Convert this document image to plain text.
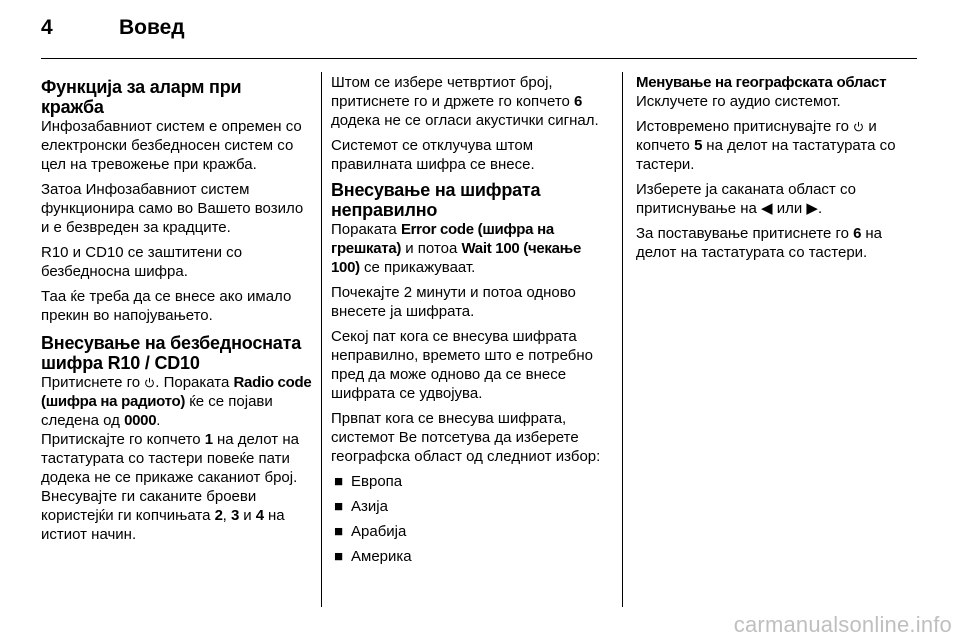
4	Вовед
Функција за аларм при
кражба

Инфозабавниот систем е опремен со електронски безбедносен систем со цел на тревожење при кражба.

Затоа Инфозабавниот систем функционира само во Вашето возило и е безвреден за крадците.

R10 и CD10 се заштитени со безбедносна шифра.

Таа ќе треба да се внесе ако имало прекин во напојувањето.

Внесување на безбедносната
шифра R10 / CD10

Притиснете го . Пораката Radio code (шифра на радиото) ќе се појави следена од 0000.

Притискајте го копчето 1 на делот на тастатурата со тастери повеќе пати додека не се прикаже саканиот број. Внесувајте ги саканите броеви користејќи ги копчињата 2, 3 и 4 на истиот начин.

Штом се избере четвртиот број, притиснете го и држете го копчето 6 додека не се огласи акустички сигнал.

Системот се отклучува штом правилната шифра се внесе.

Внесување на шифрата
неправилно

Пораката Error code (шифра на грешката) и потоа Wait 100 (чекање 100) се прикажуваат.

Почекајте 2 минути и потоа одново внесете ја шифрата.

Секој пат кога се внесува шифрата неправилно, времето што е потребно пред да може одново да се внесе шифрата се удвојува.

Првпат кога се внесува шифрата, системот Ве потсетува да изберете географска област од следниот избор:

■ Европа
■ Азија
■ Арабија
■ Америка
Менување на географската област

Исклучете го аудио системот.

Истовремено притиснувајте го  и копчето 5 на делот на тастатурата со тастери.

Изберете ја саканата област со притиснување на ◀ или ▶.

За поставување притиснете го 6 на делот на тастатурата со тастери.

carmanualsonline.info
